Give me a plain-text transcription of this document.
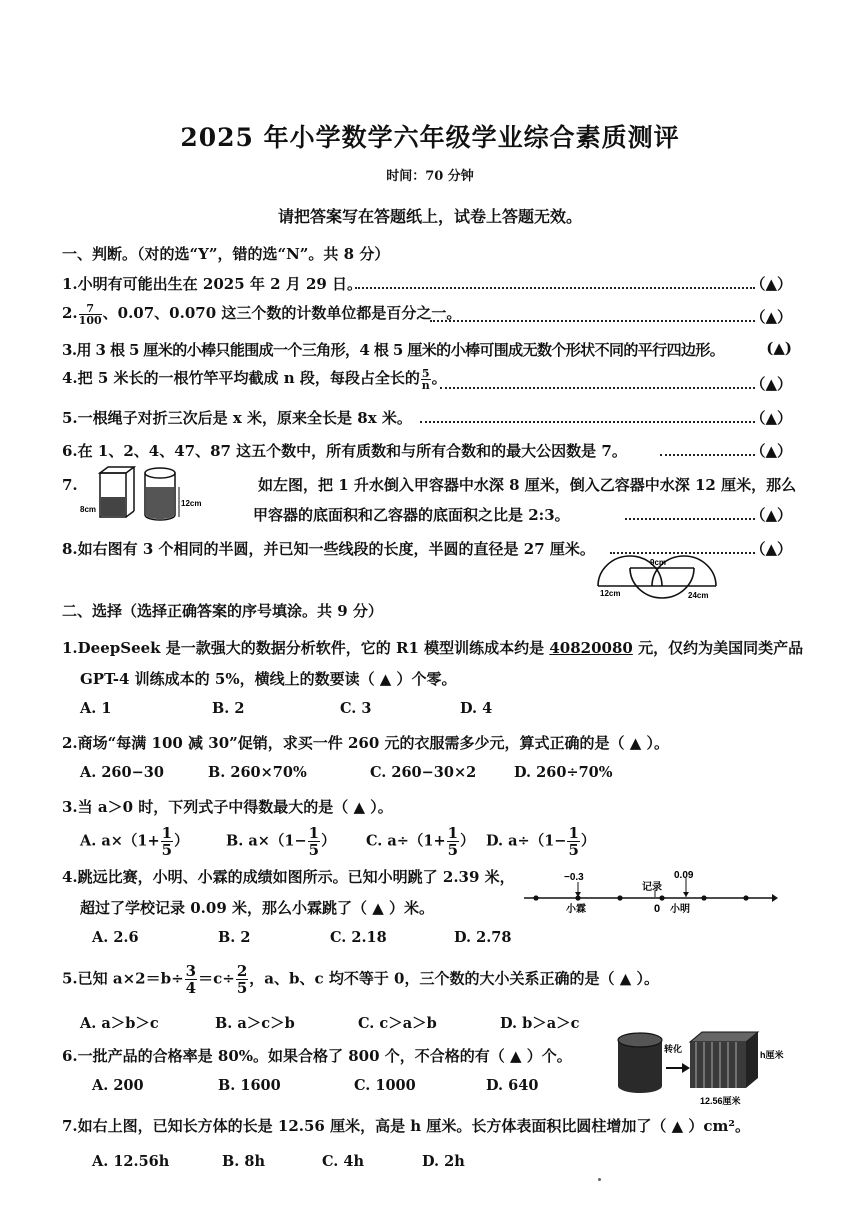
2025 年小学数学六年级学业综合素质测评
时间：70 分钟
请把答案写在答题纸上，试卷上答题无效。
一、判断。（对的选“Y”，错的选“N”。共 8 分）
1.小明有可能出生在 2025 年 2 月 29 日。	（▲）
2. $\frac{7}{100}$ 、0.07、0.070 这三个数的计数单位都是百分之一。	（▲）
3.用 3 根 5 厘米的小棒只能围成一个三角形，4 根 5 厘米的小棒可围成无数个形状不同的平行四边形。	(▲)
4.把 5 米长的一根竹竿平均截成 n 段，每段占全长的 $\frac{5}{n}$ 。	（▲）
5.一根绳子对折三次后是 x 米，原来全长是 8x 米。	（▲）
6.在 1、2、4、47、87 这五个数中，所有质数和与所有合数和的最大公因数是 7。	（▲）
7.
8cm
12cm
如左图，把 1 升水倒入甲容器中水深 8 厘米，倒入乙容器中水深 12 厘米，那么
甲容器的底面积和乙容器的底面积之比是 2:3。	（▲）
8.如右图有 3 个相同的半圆，并已知一些线段的长度，半圆的直径是 27 厘米。	（▲）
9cm
12cm	24cm
二、选择（选择正确答案的序号填涂。共 9 分）
1.DeepSeek 是一款强大的数据分析软件，它的 R1 模型训练成本约是 40820080 元，仅约为美国同类产品
GPT-4 训练成本的 5%，横线上的数要读（ ▲ ）个零。
A. 1	B. 2	C. 3	D. 4
2.商场“每满 100 减 30”促销，求买一件 260 元的衣服需多少元，算式正确的是（ ▲ ）。
A. 260−30	B. 260×70%	C. 260−30×2	D. 260÷70%
3.当 a＞0 时，下列式子中得数最大的是（ ▲ ）。
A. $a\times(1+ \frac{1}{5}$ ）	B. $a\times(1- \frac{1}{5}$ ） C. $a\div(1+ \frac{1}{5}$ ） D. $a\div(1- \frac{1}{5}$ ）
4.跳远比赛，小明、小霖的成绩如图所示。已知小明跳了 2.39 米，
超过了学校记录 0.09 米，那么小霖跳了（ ▲ ）米。
−0.3
记录
0.09
小霖	0 小明
A. 2.6	B. 2	C. 2.18	D. 2.78
5.已知 $a\times 2=b\div \frac{3}{4} =c\div \frac{2}{5}$ ，a、b、c 均不等于 0，三个数的大小关系正确的是（ ▲ ）。
A. a＞b＞c	B. a＞c＞b	C. c＞a＞b	D. b＞a＞c
6.一批产品的合格率是 80%。如果合格了 800 个，不合格的有（ ▲ ）个。
A. 200	B. 1600	C. 1000	D. 640
转化
h厘米
12.56厘米
7.如右上图，已知长方体的长是 12.56 厘米，高是 h 厘米。长方体表面积比圆柱增加了（ ▲ ）cm²。
A. 12.56h	B. 8h	C. 4h	D. 2h
